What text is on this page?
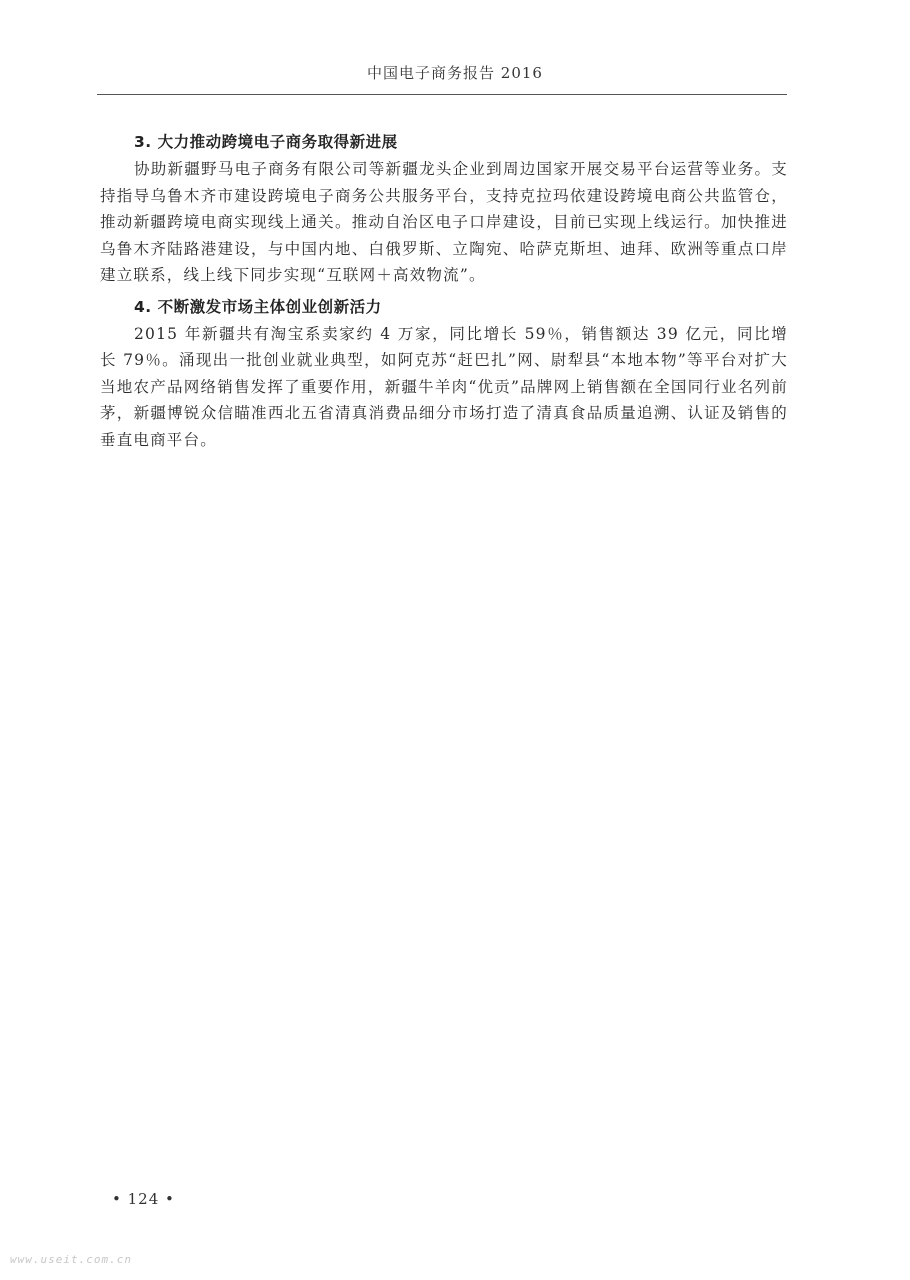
中国电子商务报告 2016
3. 大力推动跨境电子商务取得新进展

协助新疆野马电子商务有限公司等新疆龙头企业到周边国家开展交易平台运营等业务。支持指导乌鲁木齐市建设跨境电子商务公共服务平台，支持克拉玛依建设跨境电商公共监管仓，推动新疆跨境电商实现线上通关。推动自治区电子口岸建设，目前已实现上线运行。加快推进乌鲁木齐陆路港建设，与中国内地、白俄罗斯、立陶宛、哈萨克斯坦、迪拜、欧洲等重点口岸建立联系，线上线下同步实现“互联网＋高效物流”。

4. 不断激发市场主体创业创新活力

2015 年新疆共有淘宝系卖家约 4 万家，同比增长 59％，销售额达 39 亿元，同比增长 79％。涌现出一批创业就业典型，如阿克苏“赶巴扎”网、尉犁县“本地本物”等平台对扩大当地农产品网络销售发挥了重要作用，新疆牛羊肉“优贡”品牌网上销售额在全国同行业名列前茅，新疆博锐众信瞄准西北五省清真消费品细分市场打造了清真食品质量追溯、认证及销售的垂直电商平台。

• 124 •
www.useit.com.cn
